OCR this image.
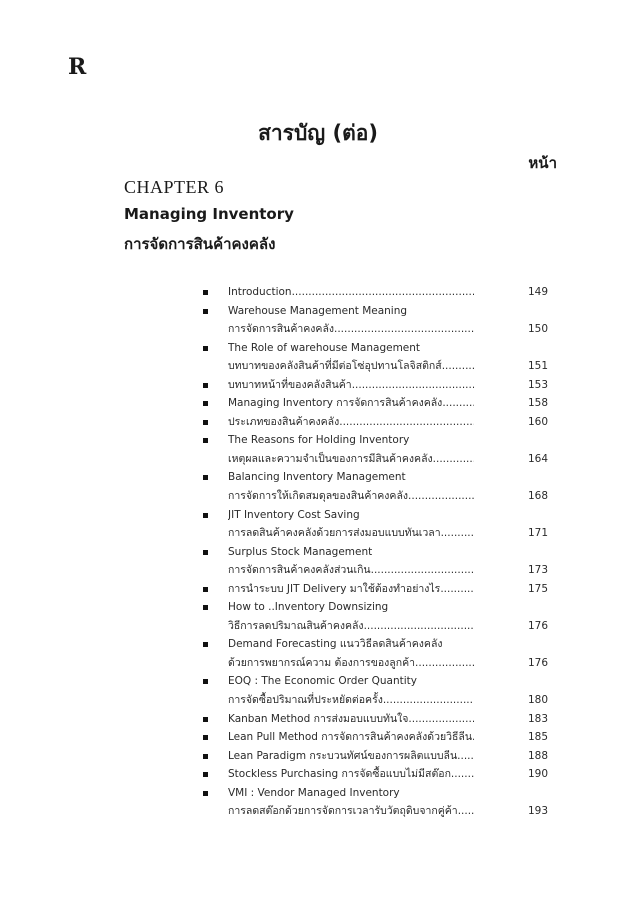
R
สารบัญ (ต่อ)
หน้า
CHAPTER 6
Managing Inventory
การจัดการสินค้าคงคลัง
Introduction .....	149
Warehouse Management Meaning
การจัดการสินค้าคงคลัง .....	150
The Role of warehouse Management
บทบาทของคลังสินค้าที่มีต่อโซ่อุปทานโลจิสติกส์ .....	151
บทบาทหน้าที่ของคลังสินค้า .....	153
Managing Inventory การจัดการสินค้าคงคลัง .....	158
ประเภทของสินค้าคงคลัง .....	160
The Reasons for Holding Inventory
เหตุผลและความจำเป็นของการมีสินค้าคงคลัง .....	164
Balancing Inventory Management
การจัดการให้เกิดสมดุลของสินค้าคงคลัง .....	168
JIT Inventory Cost Saving
การลดสินค้าคงคลังด้วยการส่งมอบแบบทันเวลา .....	171
Surplus Stock Management
การจัดการสินค้าคงคลังส่วนเกิน .....	173
การนำระบบ JIT Delivery มาใช้ต้องทำอย่างไร.. .....	175
How to ..Inventory Downsizing
วิธีการลดปริมาณสินค้าคงคลัง .....	176
Demand Forecasting แนววิธีลดสินค้าคงคลัง
ด้วยการพยากรณ์ความ ต้องการของลูกค้า .....	176
EOQ : The Economic Order Quantity
การจัดซื้อปริมาณที่ประหยัดต่อครั้ง .....	180
Kanban Method การส่งมอบแบบทันใจ .....	183
Lean Pull Method การจัดการสินค้าคงคลังด้วยวิธีลีน .....	185
Lean Paradigm กระบวนทัศน์ของการผลิตแบบลีน .....	188
Stockless Purchasing การจัดซื้อแบบไม่มีสต๊อก .....	190
VMI : Vendor Managed Inventory
การลดสต๊อกด้วยการจัดการเวลารับวัตถุดิบจากคู่ค้า .....	193
